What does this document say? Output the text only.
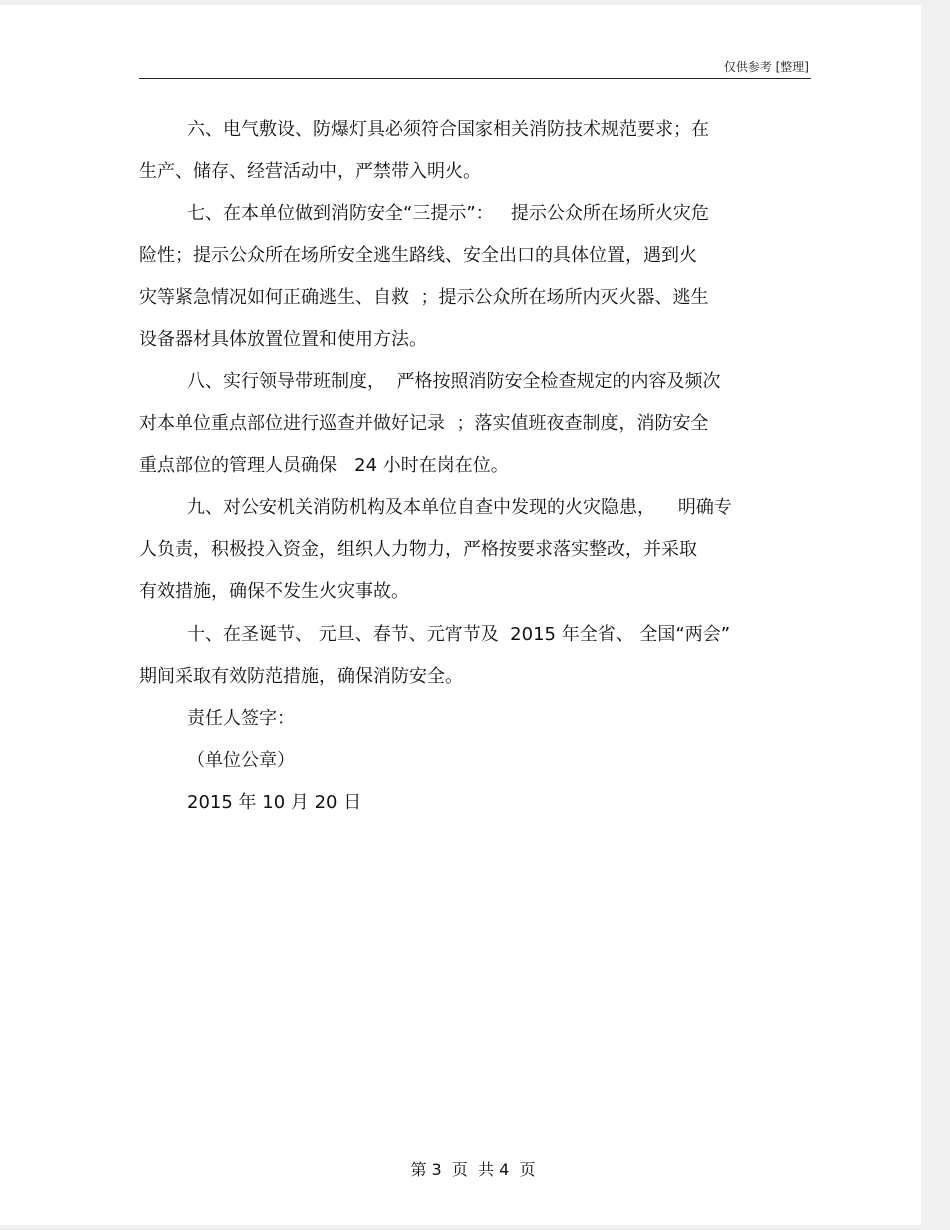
仅供参考 [整理]
六、电气敷设、防爆灯具必须符合国家相关消防技术规范要求；在
生产、储存、经营活动中，严禁带入明火。
七、在本单位做到消防安全“三提示”：   提示公众所在场所火灾危
险性；提示公众所在场所安全逃生路线、安全出口的具体位置，遇到火
灾等紧急情况如何正确逃生、自救  ；提示公众所在场所内灭火器、逃生
设备器材具体放置位置和使用方法。
八、实行领导带班制度，  严格按照消防安全检查规定的内容及频次
对本单位重点部位进行巡查并做好记录  ；落实值班夜查制度，消防安全
重点部位的管理人员确保   24 小时在岗在位。
九、对公安机关消防机构及本单位自查中发现的火灾隐患，    明确专
人负责，积极投入资金，组织人力物力，严格按要求落实整改，并采取
有效措施，确保不发生火灾事故。
十、在圣诞节、 元旦、春节、元宵节及  2015 年全省、 全国“两会”
期间采取有效防范措施，确保消防安全。
责任人签字：
（单位公章）
2015 年 10 月 20 日
第 3  页  共 4  页
